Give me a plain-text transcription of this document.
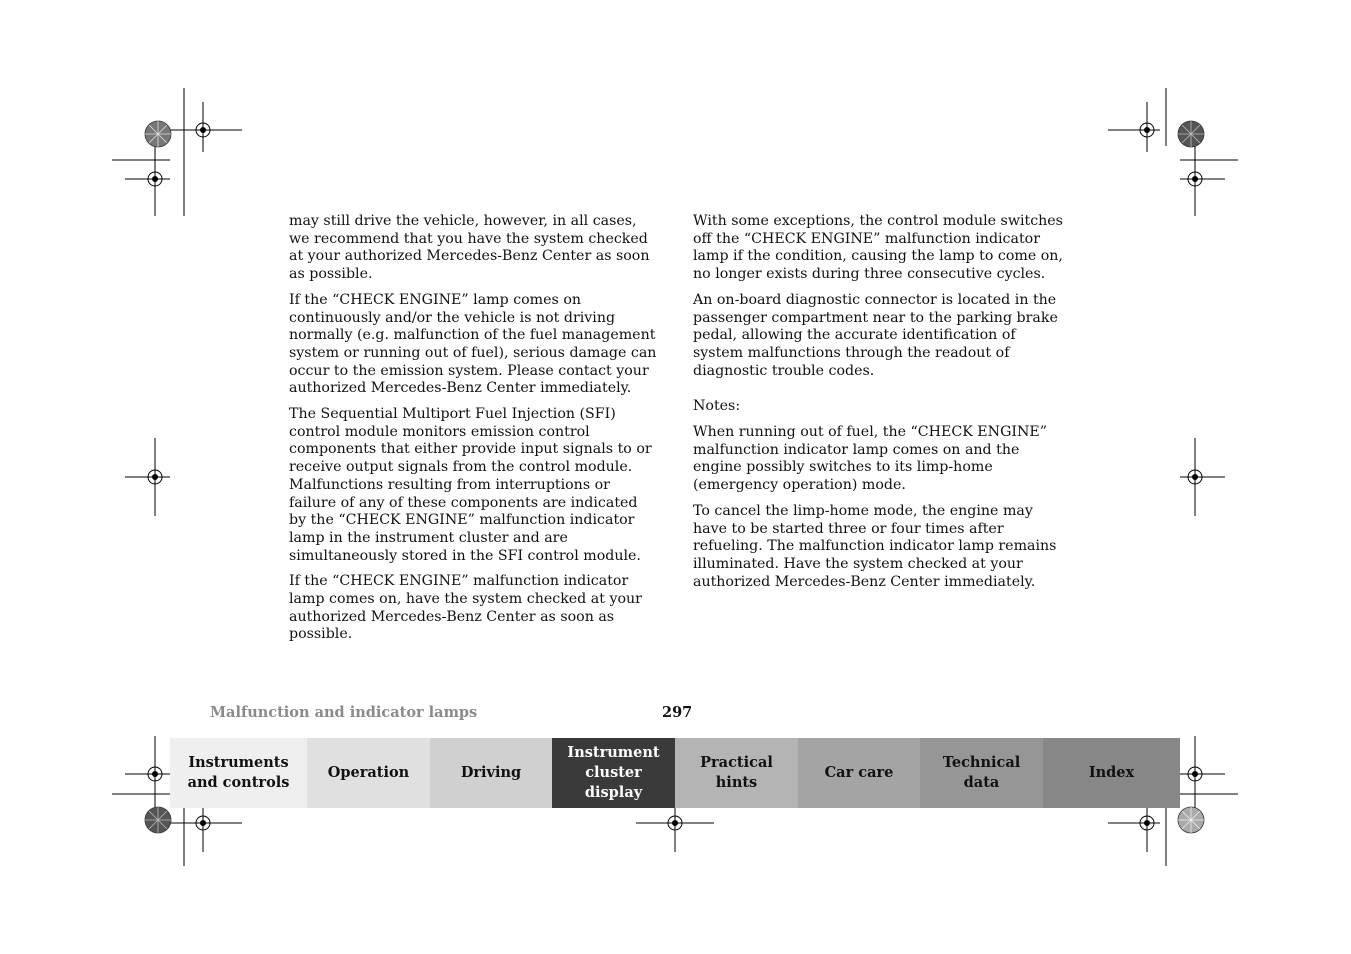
may still drive the vehicle, however, in all cases, we recommend that you have the system checked at your authorized Mercedes-Benz Center as soon as possible.

If the “CHECK ENGINE” lamp comes on continuously and/or the vehicle is not driving normally (e.g. malfunction of the fuel management system or running out of fuel), serious damage can occur to the emission system. Please contact your authorized Mercedes-Benz Center immediately.

The Sequential Multiport Fuel Injection (SFI) control module monitors emission control components that either provide input signals to or receive output signals from the control module. Malfunctions resulting from interruptions or failure of any of these components are indicated by the “CHECK ENGINE” malfunction indicator lamp in the instrument cluster and are simultaneously stored in the SFI control module.

If the “CHECK ENGINE” malfunction indicator lamp comes on, have the system checked at your authorized Mercedes-Benz Center as soon as possible.

With some exceptions, the control module switches off the “CHECK ENGINE” malfunction indicator lamp if the condition, causing the lamp to come on, no longer exists during three consecutive cycles.

An on-board diagnostic connector is located in the passenger compartment near to the parking brake pedal, allowing the accurate identification of system malfunctions through the readout of diagnostic trouble codes.

Notes:

When running out of fuel, the “CHECK ENGINE” malfunction indicator lamp comes on and the engine possibly switches to its limp-home (emergency operation) mode.

To cancel the limp-home mode, the engine may have to be started three or four times after refueling. The malfunction indicator lamp remains illuminated. Have the system checked at your authorized Mercedes-Benz Center immediately.

Malfunction and indicator lamps	297
Instruments
and controls
Operation	Driving
Instrument
cluster display
Practical hints
Car care
Technical
data
Index
